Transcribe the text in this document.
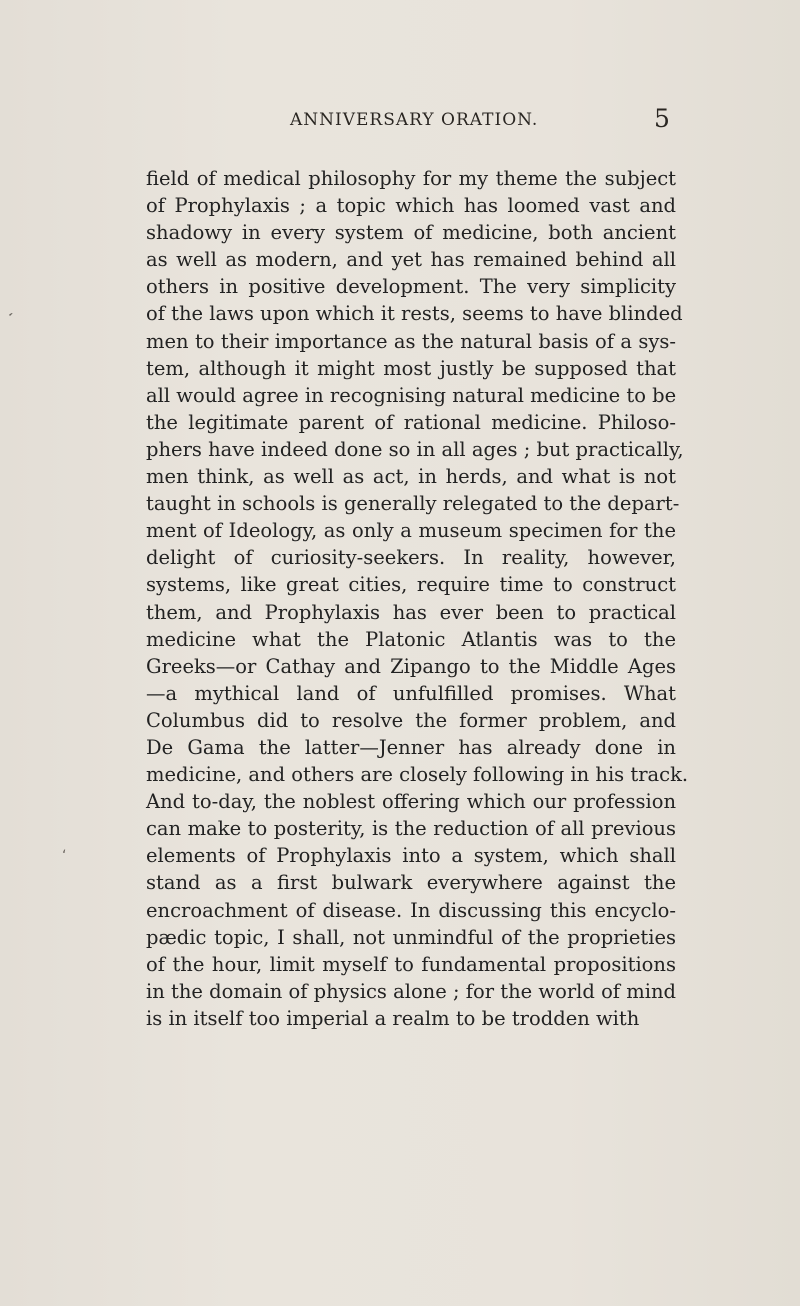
ANNIVERSARY ORATION.	5
field of medical philosophy for my theme the subject
of Prophylaxis ; a topic which has loomed vast and
shadowy in every system of medicine, both ancient
as well as modern, and yet has remained behind all
others in positive development. The very simplicity
of the laws upon which it rests, seems to have blinded
men to their importance as the natural basis of a sys-
tem, although it might most justly be supposed that
all would agree in recognising natural medicine to be
the legitimate parent of rational medicine. Philoso-
phers have indeed done so in all ages ; but practically,
men think, as well as act, in herds, and what is not
taught in schools is generally relegated to the depart-
ment of Ideology, as only a museum specimen for the
delight of curiosity-seekers. In reality, however,
systems, like great cities, require time to construct
them, and Prophylaxis has ever been to practical
medicine what the Platonic Atlantis was to the
Greeks—or Cathay and Zipango to the Middle Ages
—a mythical land of unfulfilled promises. What
Columbus did to resolve the former problem, and
De Gama the latter—Jenner has already done in
medicine, and others are closely following in his track.
And to-day, the noblest offering which our profession
can make to posterity, is the reduction of all previous
elements of Prophylaxis into a system, which shall
stand as a first bulwark everywhere against the
encroachment of disease. In discussing this encyclo-
pædic topic, I shall, not unmindful of the proprieties
of the hour, limit myself to fundamental propositions
in the domain of physics alone ; for the world of mind
is in itself too imperial a realm to be trodden with
‘
‘
